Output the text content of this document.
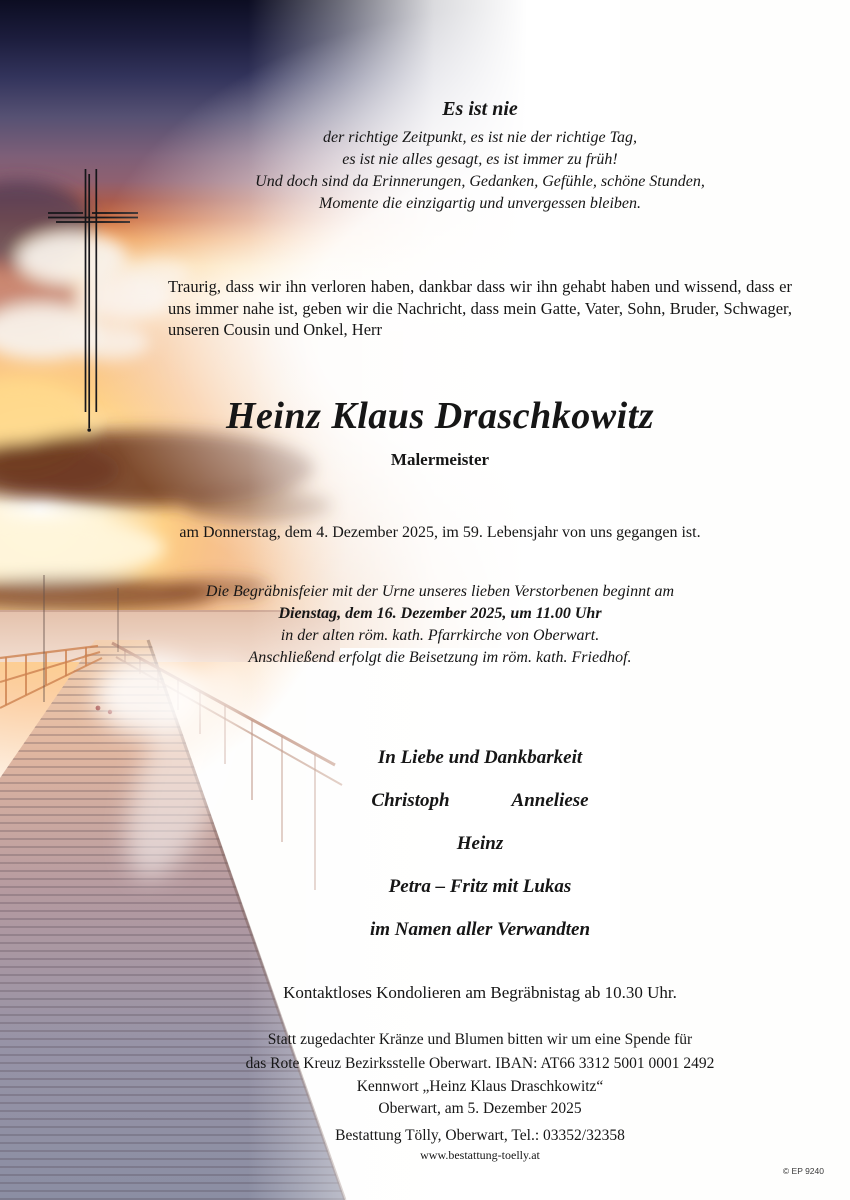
Es ist nie
der richtige Zeitpunkt, es ist nie der richtige Tag,
es ist nie alles gesagt, es ist immer zu früh!
Und doch sind da Erinnerungen, Gedanken, Gefühle, schöne Stunden,
Momente die einzigartig und unvergessen bleiben.

Traurig, dass wir ihn verloren haben, dankbar dass wir ihn gehabt haben und wissend, dass er uns immer nahe ist, geben wir die Nachricht, dass mein Gatte, Vater, Sohn, Bruder, Schwager, unseren Cousin und Onkel, Herr

Heinz Klaus Draschkowitz
Malermeister
am Donnerstag, dem 4. Dezember 2025, im 59. Lebensjahr von uns gegangen ist.
Die Begräbnisfeier mit der Urne unseres lieben Verstorbenen beginnt am
Dienstag, dem 16. Dezember 2025, um 11.00 Uhr
in der alten röm. kath. Pfarrkirche von Oberwart.
Anschließend erfolgt die Beisetzung im röm. kath. Friedhof.
In Liebe und Dankbarkeit
Christoph	Anneliese
Heinz
Petra – Fritz mit Lukas
im Namen aller Verwandten
Kontaktloses Kondolieren am Begräbnistag ab 10.30 Uhr.
Statt zugedachter Kränze und Blumen bitten wir um eine Spende für
das Rote Kreuz Bezirksstelle Oberwart. IBAN: AT66 3312 5001 0001 2492
Kennwort „Heinz Klaus Draschkowitz“
Oberwart, am 5. Dezember 2025
Bestattung Tölly, Oberwart, Tel.: 03352/32358
www.bestattung-toelly.at
© EP 9240
